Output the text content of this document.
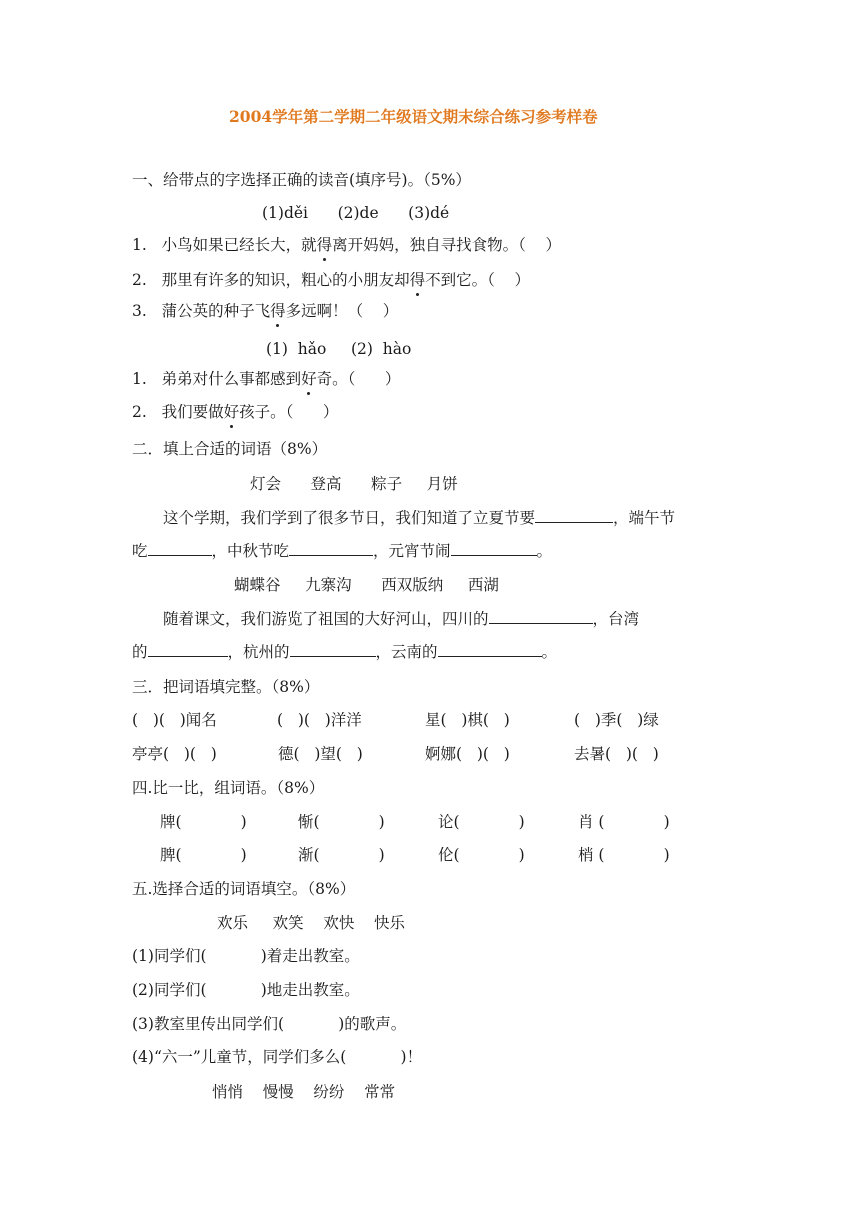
2004学年第二学期二年级语文期末综合练习参考样卷
一、给带点的字选择正确的读音(填序号)。（5%）
(1)děi      (2)de      (3)dé
1.   小鸟如果已经长大，就得离开妈妈，独自寻找食物。（    ）
2.   那里有许多的知识，粗心的小朋友却得不到它。（    ）
3.   蒲公英的种子飞得多远啊！（    ）
(1)  hǎo     (2)  hào
1.   弟弟对什么事都感到好奇。（      ）
2.   我们要做好孩子。（      ）
二．填上合适的词语（8%）
灯会      登高      粽子     月饼
这个学期，我们学到了很多节日，我们知道了立夏节要	，端午节
吃	，中秋节吃	，元宵节闹	。
蝴蝶谷     九寨沟      西双版纳     西湖
随着课文，我们游览了祖国的大好河山，四川的	，台湾
的	，杭州的	，云南的	。
三．把词语填完整。（8%）
(   )(   )闻名	(   )(   )洋洋	星(   )棋(   )	(   )季(   )绿
亭亭(   )(   )	德(   )望(   )	婀娜(   )(   )	去暑(   )(   )
四.比一比，组词语。（8%）
牌(            )	惭(            )	论(            )	肖 (            )
脾(            )	渐(            )	伦(            )	梢 (            )
五.选择合适的词语填空。（8%）
欢乐     欢笑    欢快    快乐
(1)同学们(           )着走出教室。
(2)同学们(           )地走出教室。
(3)教室里传出同学们(           )的歌声。
(4)“六一”儿童节，同学们多么(           )！
悄悄    慢慢    纷纷    常常
